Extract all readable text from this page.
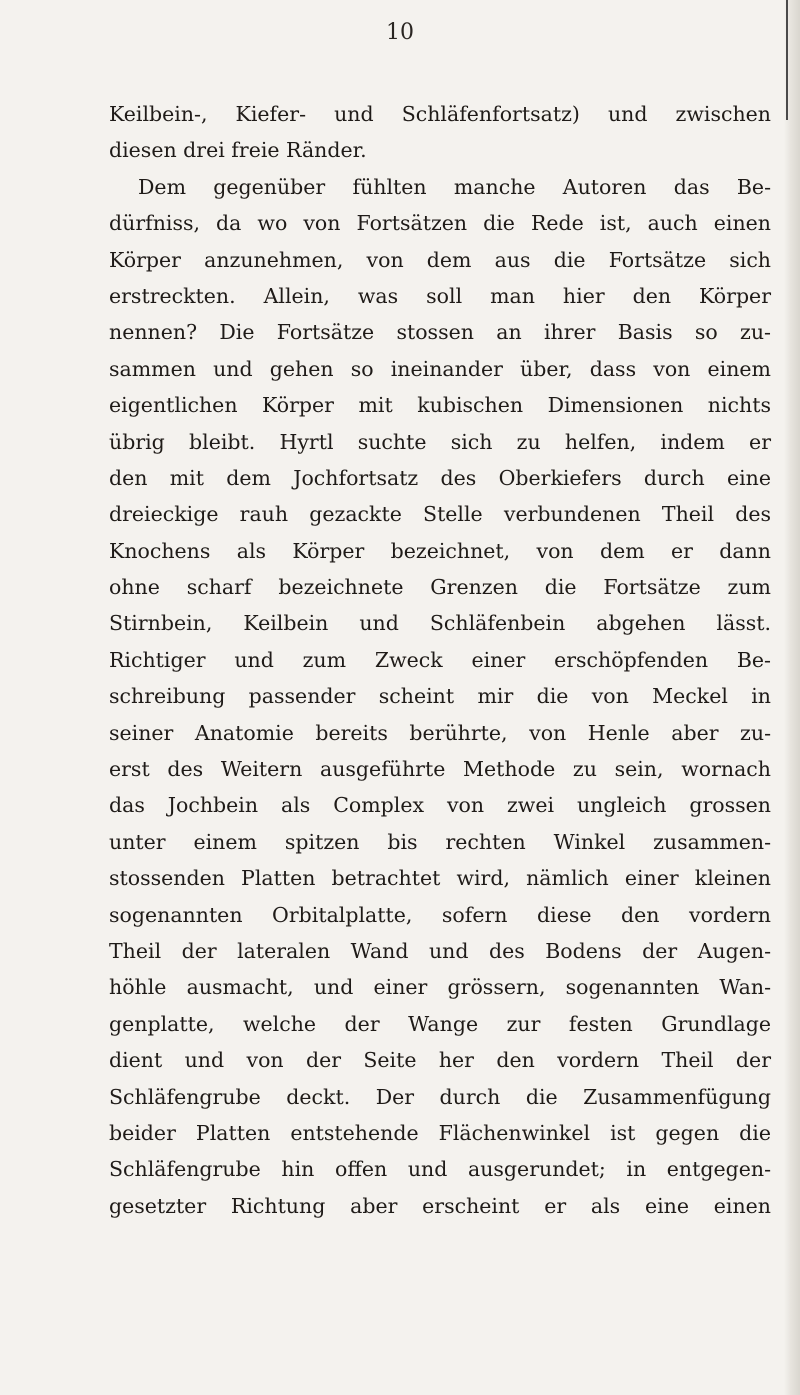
10
Keilbein-, Kiefer- und Schläfenfortsatz) und zwischen
diesen drei freie Ränder.
Dem gegenüber fühlten manche Autoren das Be-
dürfniss, da wo von Fortsätzen die Rede ist, auch einen
Körper anzunehmen, von dem aus die Fortsätze sich
erstreckten. Allein, was soll man hier den Körper
nennen? Die Fortsätze stossen an ihrer Basis so zu-
sammen und gehen so ineinander über, dass von einem
eigentlichen Körper mit kubischen Dimensionen nichts
übrig bleibt. Hyrtl suchte sich zu helfen, indem er
den mit dem Jochfortsatz des Oberkiefers durch eine
dreieckige rauh gezackte Stelle verbundenen Theil des
Knochens als Körper bezeichnet, von dem er dann
ohne scharf bezeichnete Grenzen die Fortsätze zum
Stirnbein, Keilbein und Schläfenbein abgehen lässt.
Richtiger und zum Zweck einer erschöpfenden Be-
schreibung passender scheint mir die von Meckel in
seiner Anatomie bereits berührte, von Henle aber zu-
erst des Weitern ausgeführte Methode zu sein, wornach
das Jochbein als Complex von zwei ungleich grossen
unter einem spitzen bis rechten Winkel zusammen-
stossenden Platten betrachtet wird, nämlich einer kleinen
sogenannten Orbitalplatte, sofern diese den vordern
Theil der lateralen Wand und des Bodens der Augen-
höhle ausmacht, und einer grössern, sogenannten Wan-
genplatte, welche der Wange zur festen Grundlage
dient und von der Seite her den vordern Theil der
Schläfengrube deckt. Der durch die Zusammenfügung
beider Platten entstehende Flächenwinkel ist gegen die
Schläfengrube hin offen und ausgerundet; in entgegen-
gesetzter Richtung aber erscheint er als eine einen
